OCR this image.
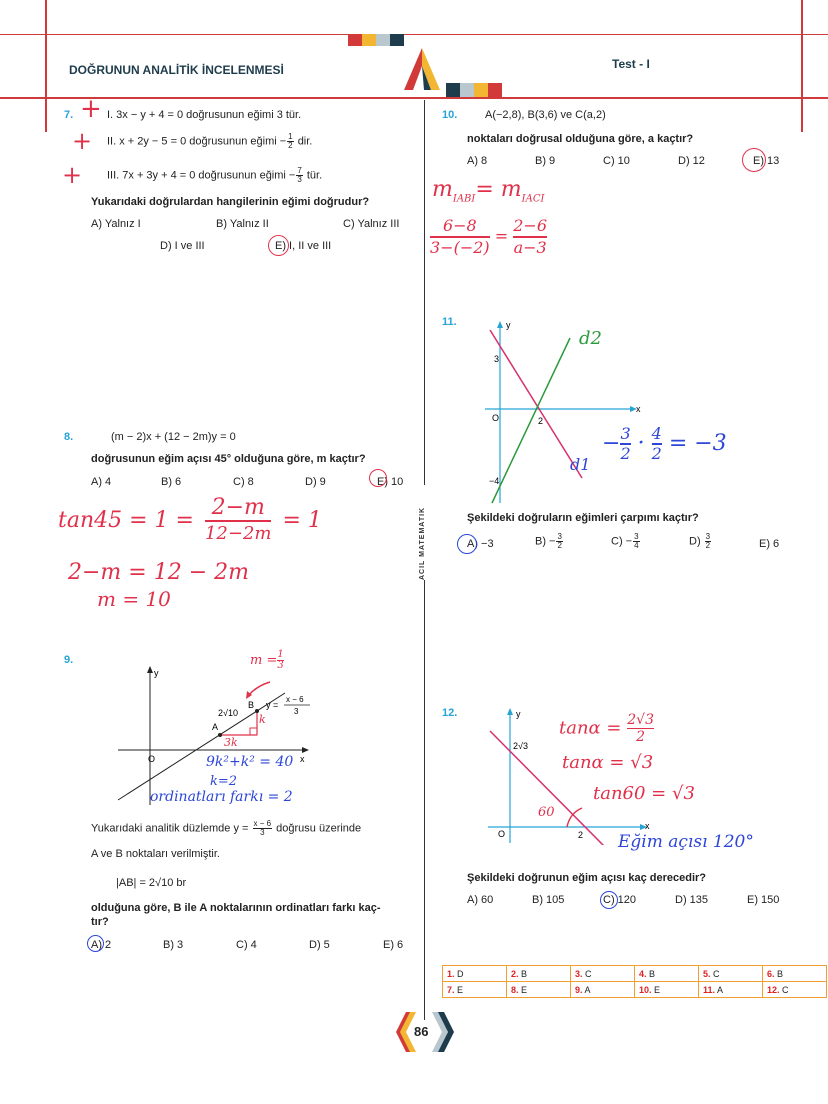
DOĞRUNUN ANALİTİK İNCELENMESİ	Test - I
ACIL MATEMATIK
7.	I. 3x − y + 4 = 0 doğrusunun eğimi 3 tür.
II. x + 2y − 5 = 0 doğrusunun eğimi − $\frac{1}{2}$ dir.
III. 7x + 3y + 4 = 0 doğrusunun eğimi − $\frac{7}{3}$ tür.
Yukarıdaki doğrulardan hangilerinin eğimi doğrudur?
A) Yalnız I	B) Yalnız II	C) Yalnız III
D) I ve III	E) I, II ve III
+
+
+
8.	(m − 2)x + (12 − 2m)y = 0
doğrusunun eğim açısı 45° olduğuna göre, m kaçtır?
A) 4	B) 6	C) 8	D) 9	E) 10
tan45 = 1 =
2−m
12−2m
= 1
2−m = 12 − 2m
m = 10
9.
y
x
O
A
B
2√10
y =
x − 6
3
$m = \frac{1}{3}$
k
3k
9k²+k² = 40
k=2
ordinatları farkı = 2
Yukarıdaki analitik düzlemde $y = \frac{x - 6}{3}$ doğrusu üzerinde
A ve B noktaları verilmiştir.
|AB| = 2√10 br
olduğuna göre, B ile A noktalarının ordinatları farkı kaç-
tır?
A) 2	B) 3	C) 4	D) 5	E) 6
10.	A(−2,8), B(3,6) ve C(a,2)
noktaları doğrusal olduğuna göre, a kaçtır?
A) 8	B) 9	C) 10	D) 12	E) 13
$m_{IABI}= m_{IACI}$
$\frac{6-8}{3-(-2)} = \frac{2-6}{a-3}$
11.	y
x
O
3
2
−4
d2
d1
− $\frac{3}{2} \cdot \frac{4}{2} = -3$
Şekildeki doğruların eğimleri çarpımı kaçtır?
A) −3	$B) - \frac{3}{2}$	$C) - \frac{3}{4}$	$D) \frac{3}{2}$	E) 6
12.	y
x
O	2
2√3
$\tan\alpha = \frac{2√3}{2}$
tanα = √3
tan60 = √3
60
Eğim açısı 120°
Şekildeki doğrunun eğim açısı kaç derecedir?
A) 60	B) 105	C) 120	D) 135	E) 150
1. D	2. B	3. C	4. B	5. C	6. B
7. E	8. E	9. A	10. E	11. A	12. C
86
